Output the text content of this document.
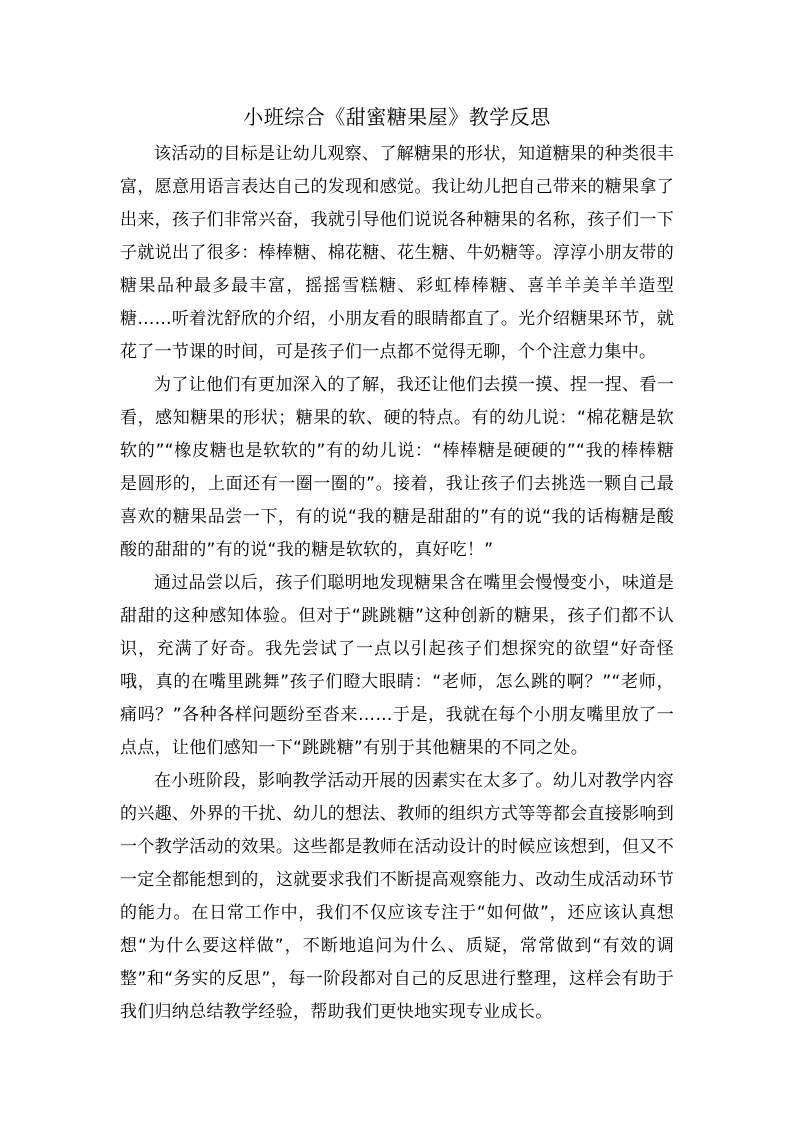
小班综合《甜蜜糖果屋》教学反思

该活动的目标是让幼儿观察、了解糖果的形状，知道糖果的种类很丰富，愿意用语言表达自己的发现和感觉。我让幼儿把自己带来的糖果拿了出来，孩子们非常兴奋，我就引导他们说说各种糖果的名称，孩子们一下子就说出了很多：棒棒糖、棉花糖、花生糖、牛奶糖等。淳淳小朋友带的糖果品种最多最丰富，摇摇雪糕糖、彩虹棒棒糖、喜羊羊美羊羊造型糖……听着沈舒欣的介绍，小朋友看的眼睛都直了。光介绍糖果环节，就花了一节课的时间，可是孩子们一点都不觉得无聊，个个注意力集中。

为了让他们有更加深入的了解，我还让他们去摸一摸、捏一捏、看一看，感知糖果的形状；糖果的软、硬的特点。有的幼儿说：“棉花糖是软软的”“橡皮糖也是软软的”有的幼儿说：“棒棒糖是硬硬的”“我的棒棒糖是圆形的，上面还有一圈一圈的”。接着，我让孩子们去挑选一颗自己最喜欢的糖果品尝一下，有的说“我的糖是甜甜的”有的说“我的话梅糖是酸酸的甜甜的”有的说“我的糖是软软的，真好吃！”

通过品尝以后，孩子们聪明地发现糖果含在嘴里会慢慢变小，味道是甜甜的这种感知体验。但对于“跳跳糖”这种创新的糖果，孩子们都不认识，充满了好奇。我先尝试了一点以引起孩子们想探究的欲望“好奇怪哦，真的在嘴里跳舞”孩子们瞪大眼睛：“老师，怎么跳的啊？”“老师，痛吗？”各种各样问题纷至沓来……于是，我就在每个小朋友嘴里放了一点点，让他们感知一下“跳跳糖”有别于其他糖果的不同之处。

在小班阶段，影响教学活动开展的因素实在太多了。幼儿对教学内容的兴趣、外界的干扰、幼儿的想法、教师的组织方式等等都会直接影响到一个教学活动的效果。这些都是教师在活动设计的时候应该想到，但又不一定全都能想到的，这就要求我们不断提高观察能力、改动生成活动环节的能力。在日常工作中，我们不仅应该专注于“如何做”，还应该认真想想“为什么要这样做”，不断地追问为什么、质疑，常常做到“有效的调整”和“务实的反思”，每一阶段都对自己的反思进行整理，这样会有助于我们归纳总结教学经验，帮助我们更快地实现专业成长。
